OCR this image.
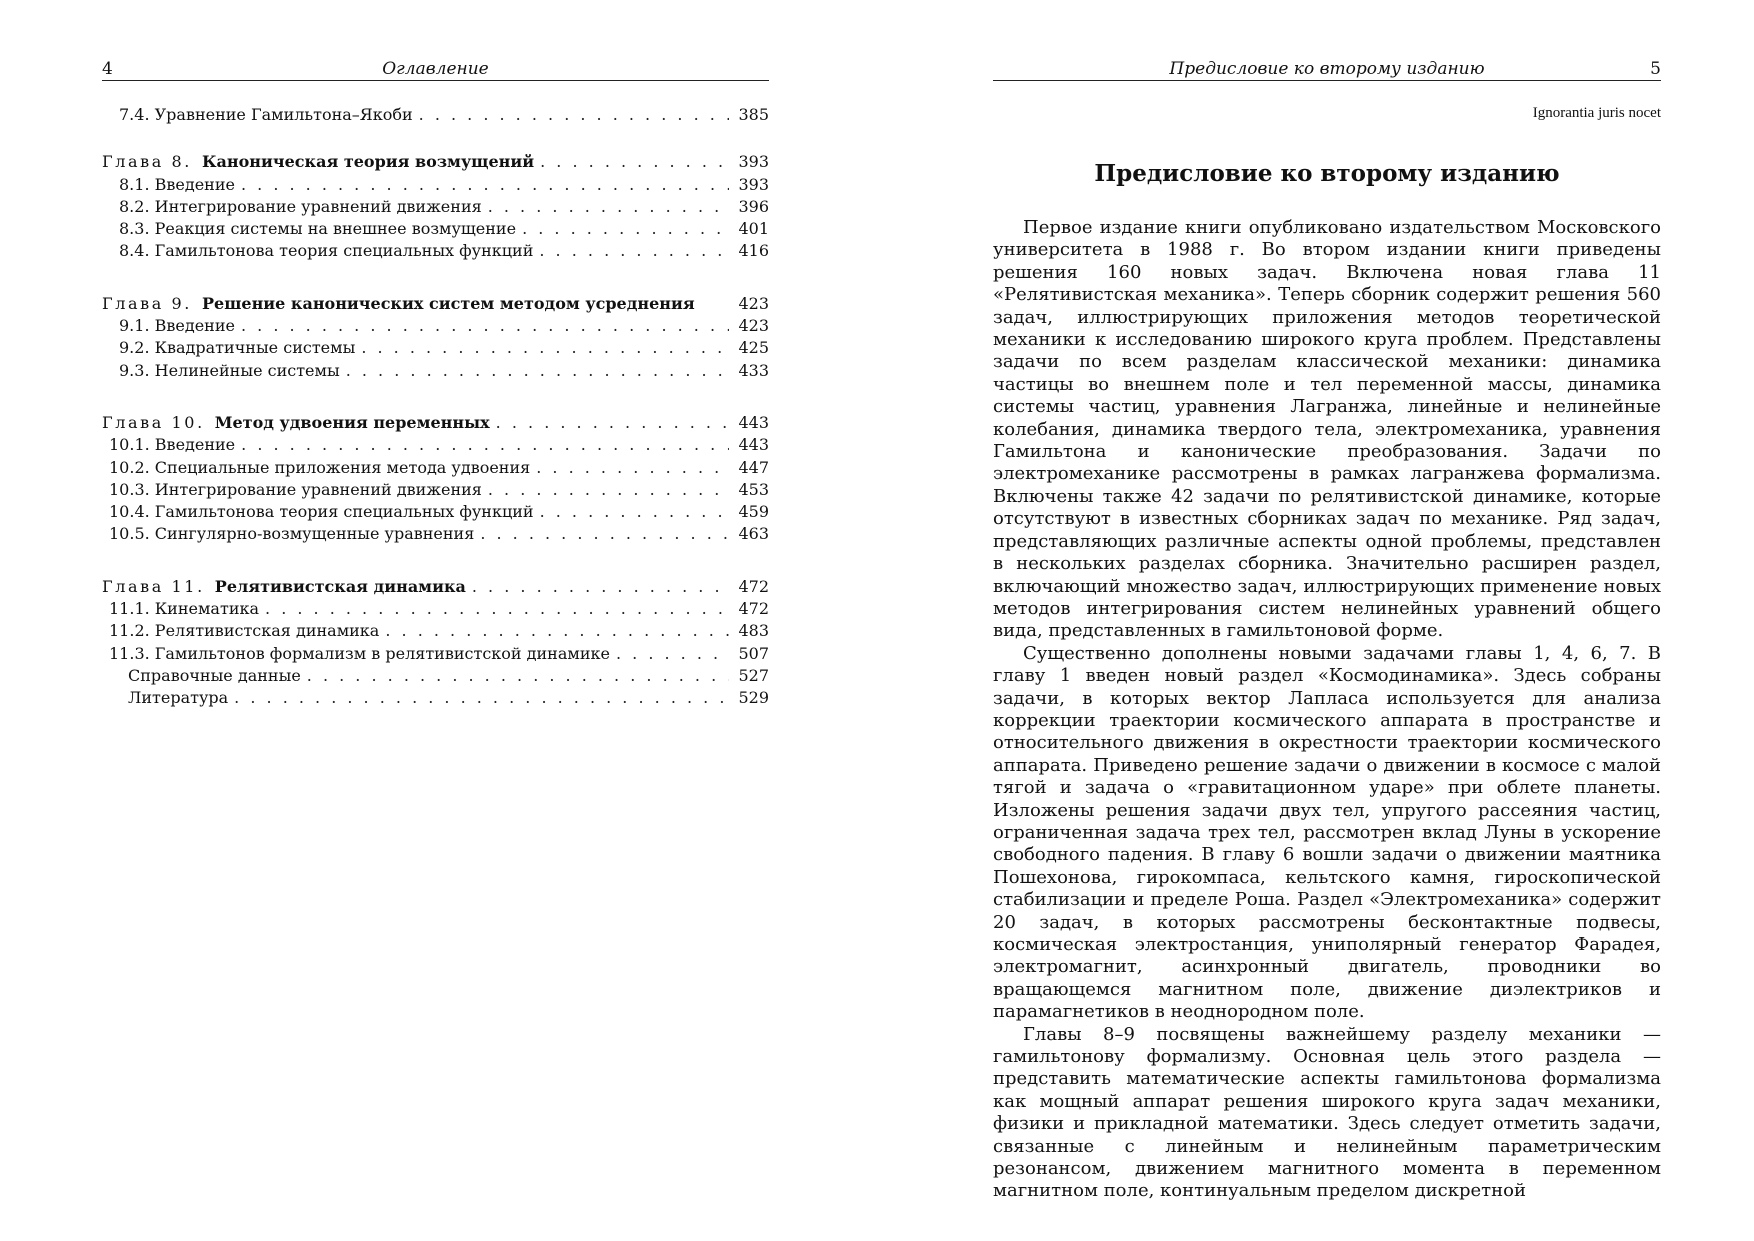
4	Оглавление
7.4. Уравнение Гамильтона–Якоби . . .	385
Глава 8. Каноническая теория возмущений . . .	393
8.1. Введение . . .	393
8.2. Интегрирование уравнений движения . . .	396
8.3. Реакция системы на внешнее возмущение . . .	401
8.4. Гамильтонова теория специальных функций . . .	416
Глава 9. Решение канонических систем методом усреднения	423
9.1. Введение . . .	423
9.2. Квадратичные системы . . .	425
9.3. Нелинейные системы . . .	433
Глава 10. Метод удвоения переменных . . .	443
10.1. Введение . . .	443
10.2. Специальные приложения метода удвоения . . .	447
10.3. Интегрирование уравнений движения . . .	453
10.4. Гамильтонова теория специальных функций . . .	459
10.5. Сингулярно-возмущенные уравнения . . .	463
Глава 11. Релятивистская динамика . . .	472
11.1. Кинематика . . .	472
11.2. Релятивистская динамика . . .	483
11.3. Гамильтонов формализм в релятивистской динамике . . .	507
Справочные данные . . .	527
Литература . . .	529
Предисловие ко второму изданию	5
Ignorantia juris nocet
Предисловие ко второму изданию

Первое издание книги опубликовано издательством Московского университета в 1988 г. Во втором издании книги приведены решения 160 новых задач. Включена новая глава 11 «Релятивистская механика». Теперь сборник содержит решения 560 задач, иллюстрирующих приложения методов теоретической механики к исследованию широкого круга проблем. Представлены задачи по всем разделам классической механики: динамика частицы во внешнем поле и тел переменной массы, динамика системы частиц, уравнения Лагранжа, линейные и нелинейные колебания, динамика твердого тела, электромеханика, уравнения Гамильтона и канонические преобразования. Задачи по электромеханике рассмотрены в рамках лагранжева формализма. Включены также 42 задачи по релятивистской динамике, которые отсутствуют в известных сборниках задач по механике. Ряд задач, представляющих различные аспекты одной проблемы, представлен в нескольких разделах сборника. Значительно расширен раздел, включающий множество задач, иллюстрирующих применение новых методов интегрирования систем нелинейных уравнений общего вида, представленных в гамильтоновой форме.

Существенно дополнены новыми задачами главы 1, 4, 6, 7. В главу 1 введен новый раздел «Космодинамика». Здесь собраны задачи, в которых вектор Лапласа используется для анализа коррекции траектории космического аппарата в пространстве и относительного движения в окрестности траектории космического аппарата. Приведено решение задачи о движении в космосе с малой тягой и задача о «гравитационном ударе» при облете планеты. Изложены решения задачи двух тел, упругого рассеяния частиц, ограниченная задача трех тел, рассмотрен вклад Луны в ускорение свободного падения. В главу 6 вошли задачи о движении маятника Пошехонова, гирокомпаса, кельтского камня, гироскопической стабилизации и пределе Роша. Раздел «Электромеханика» содержит 20 задач, в которых рассмотрены бесконтактные подвесы, космическая электростанция, униполярный генератор Фарадея, электромагнит, асинхронный двигатель, проводники во вращающемся магнитном поле, движение диэлектриков и парамагнетиков в неоднородном поле.

Главы 8–9 посвящены важнейшему разделу механики — гамильтонову формализму. Основная цель этого раздела — представить математические аспекты гамильтонова формализма как мощный аппарат решения широкого круга задач механики, физики и прикладной математики. Здесь следует отметить задачи, связанные с линейным и нелинейным параметрическим резонансом, движением магнитного момента в переменном магнитном поле, континуальным пределом дискретной
